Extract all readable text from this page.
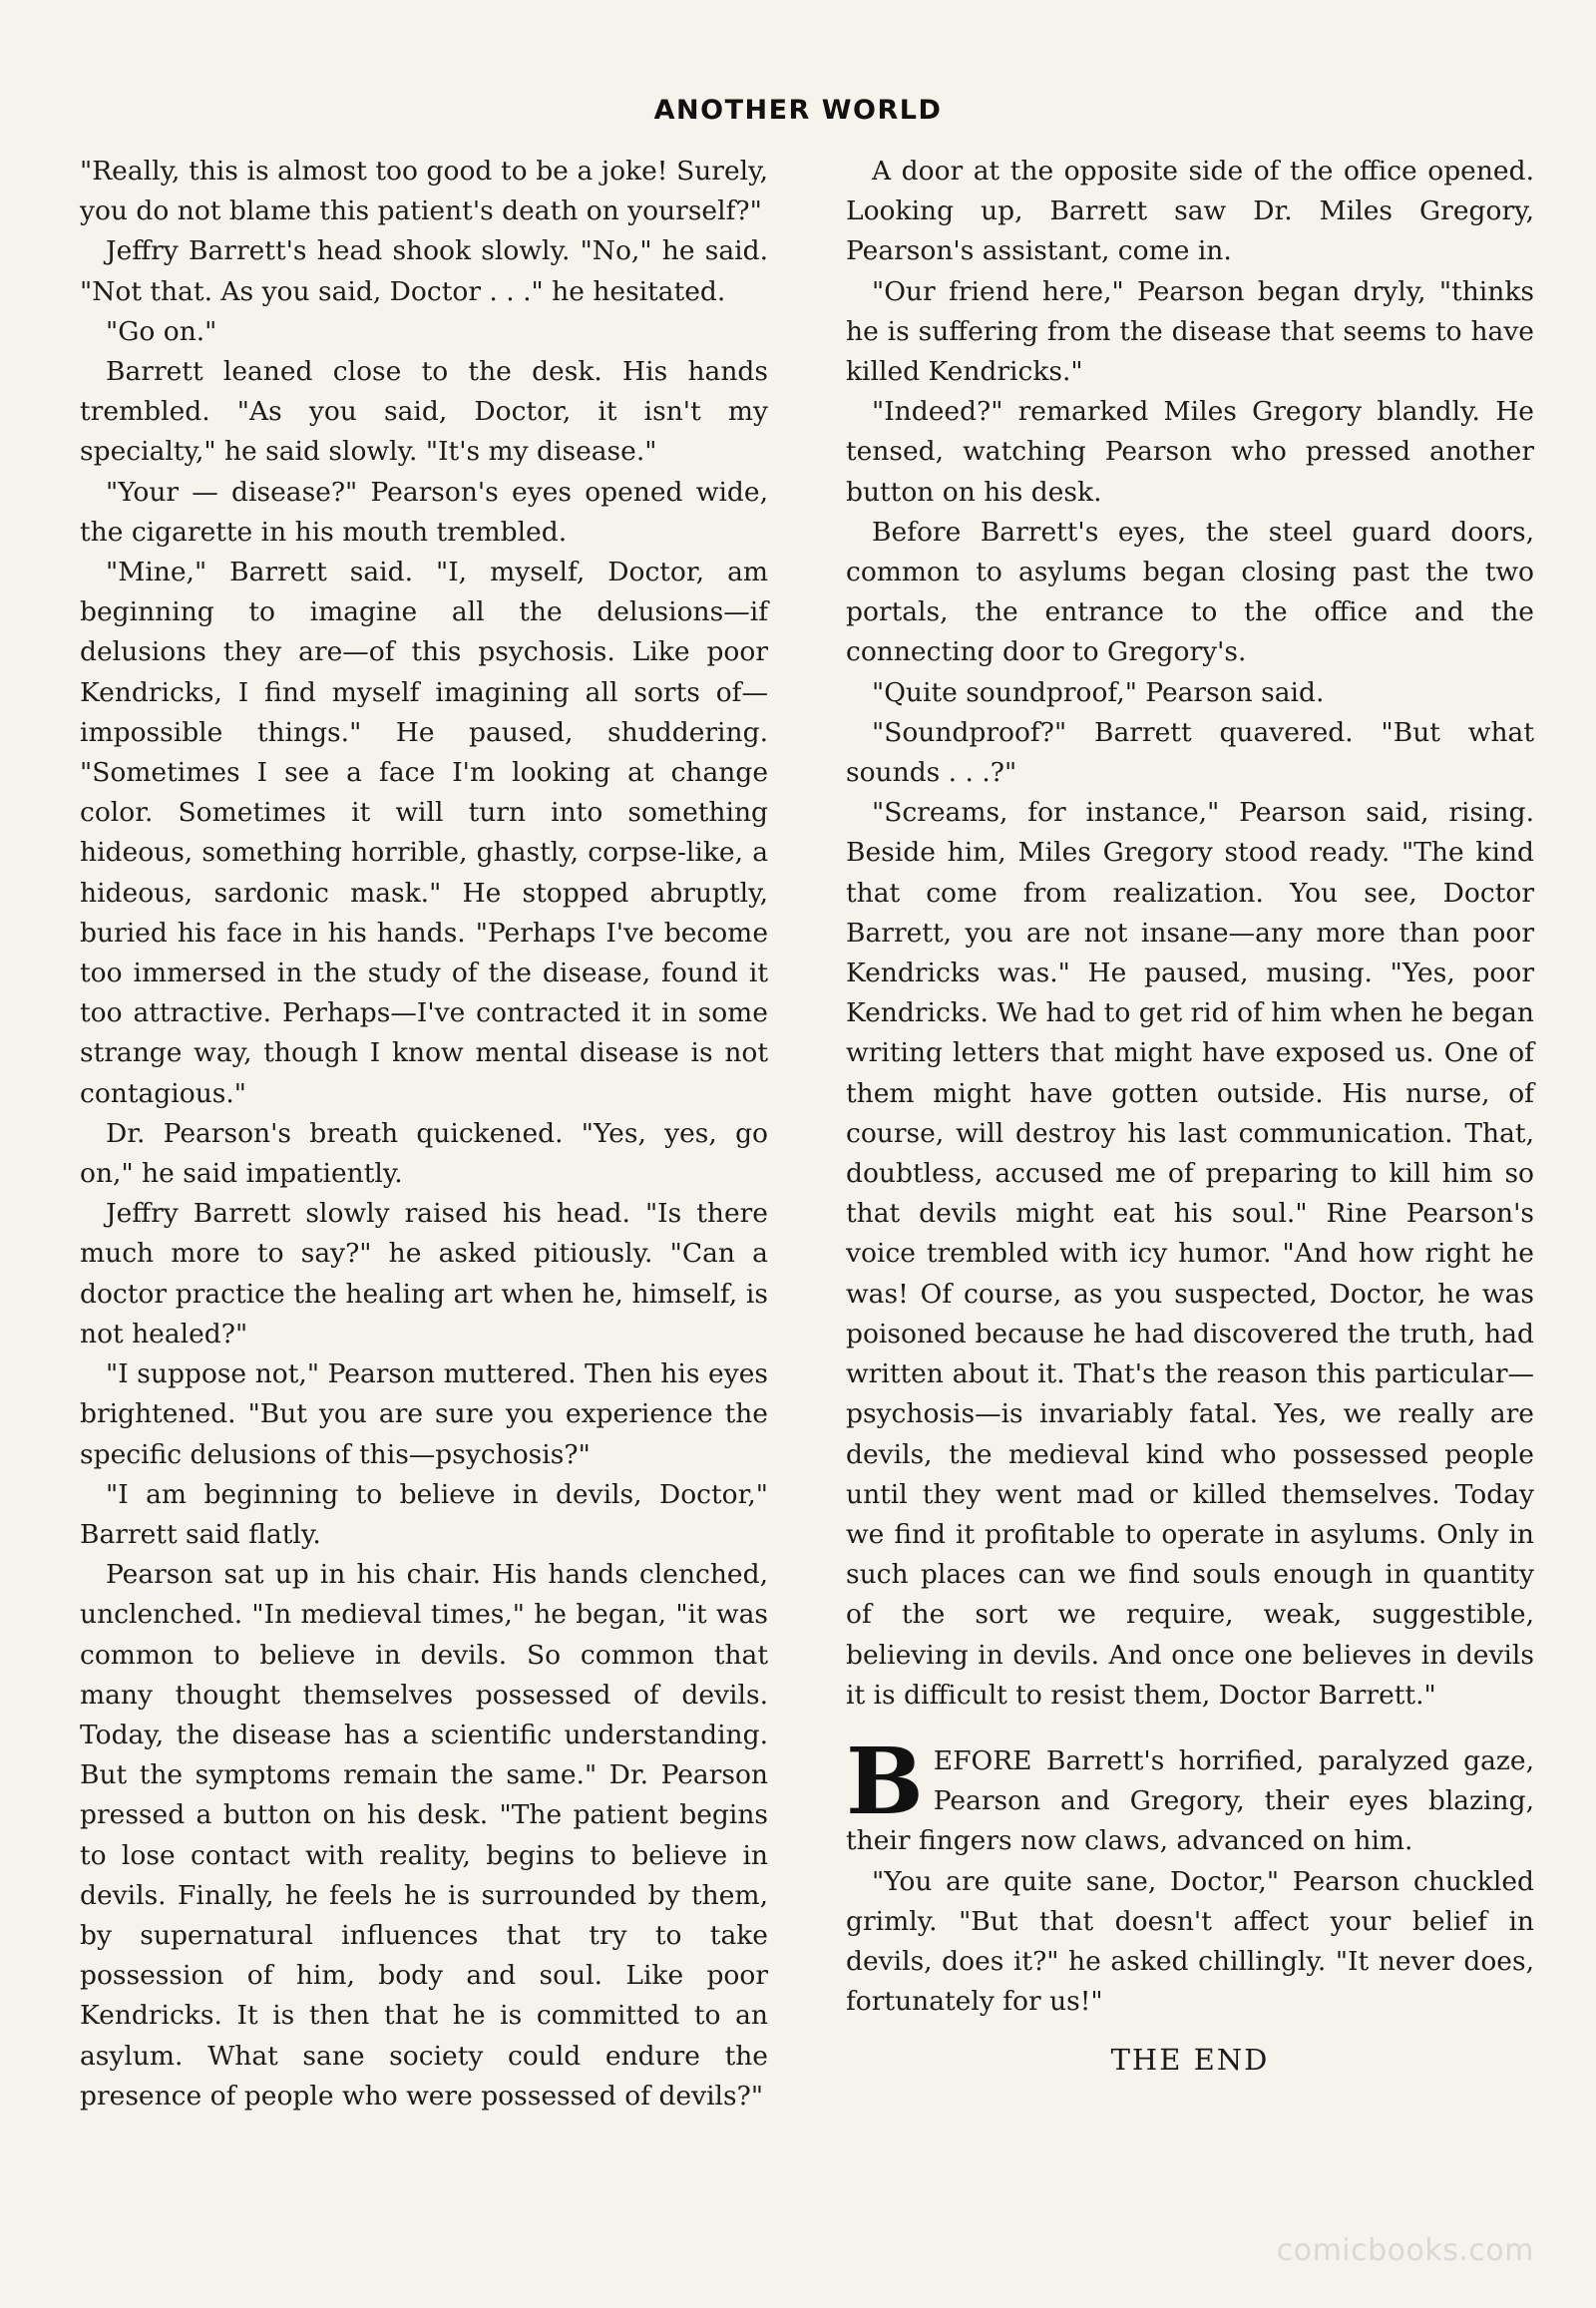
ANOTHER WORLD

"Really, this is almost too good to be a joke! Surely, you do not blame this patient's death on yourself?"

Jeffry Barrett's head shook slowly. "No," he said. "Not that. As you said, Doctor . . ." he hesitated.

"Go on."

Barrett leaned close to the desk. His hands trembled. "As you said, Doctor, it isn't my specialty," he said slowly. "It's my disease."

"Your — disease?" Pearson's eyes opened wide, the cigarette in his mouth trembled.

"Mine," Barrett said. "I, myself, Doctor, am beginning to imagine all the delusions—if delusions they are—of this psychosis. Like poor Kendricks, I find myself imagining all sorts of—impossible things." He paused, shuddering. "Sometimes I see a face I'm looking at change color. Sometimes it will turn into something hideous, something horrible, ghastly, corpse-like, a hideous, sardonic mask." He stopped abruptly, buried his face in his hands. "Perhaps I've become too immersed in the study of the disease, found it too attractive. Perhaps—I've contracted it in some strange way, though I know mental disease is not contagious."

Dr. Pearson's breath quickened. "Yes, yes, go on," he said impatiently.

Jeffry Barrett slowly raised his head. "Is there much more to say?" he asked pitiously. "Can a doctor practice the healing art when he, himself, is not healed?"

"I suppose not," Pearson muttered. Then his eyes brightened. "But you are sure you experience the specific delusions of this—psychosis?"

"I am beginning to believe in devils, Doctor," Barrett said flatly.

Pearson sat up in his chair. His hands clenched, unclenched. "In medieval times," he began, "it was common to believe in devils. So common that many thought themselves possessed of devils. Today, the disease has a scientific understanding. But the symptoms remain the same." Dr. Pearson pressed a button on his desk. "The patient begins to lose contact with reality, begins to believe in devils. Finally, he feels he is surrounded by them, by supernatural influences that try to take possession of him, body and soul. Like poor Kendricks. It is then that he is committed to an asylum. What sane society could endure the presence of people who were possessed of devils?"

A door at the opposite side of the office opened. Looking up, Barrett saw Dr. Miles Gregory, Pearson's assistant, come in.

"Our friend here," Pearson began dryly, "thinks he is suffering from the disease that seems to have killed Kendricks."

"Indeed?" remarked Miles Gregory blandly. He tensed, watching Pearson who pressed another button on his desk.

Before Barrett's eyes, the steel guard doors, common to asylums began closing past the two portals, the entrance to the office and the connecting door to Gregory's.

"Quite soundproof," Pearson said.

"Soundproof?" Barrett quavered. "But what sounds . . .?"

"Screams, for instance," Pearson said, rising. Beside him, Miles Gregory stood ready. "The kind that come from realization. You see, Doctor Barrett, you are not insane—any more than poor Kendricks was." He paused, musing. "Yes, poor Kendricks. We had to get rid of him when he began writing letters that might have exposed us. One of them might have gotten outside. His nurse, of course, will destroy his last communication. That, doubtless, accused me of preparing to kill him so that devils might eat his soul." Rine Pearson's voice trembled with icy humor. "And how right he was! Of course, as you suspected, Doctor, he was poisoned because he had discovered the truth, had written about it. That's the reason this particular—psychosis—is invariably fatal. Yes, we really are devils, the medieval kind who possessed people until they went mad or killed themselves. Today we find it profitable to operate in asylums. Only in such places can we find souls enough in quantity of the sort we require, weak, suggestible, believing in devils. And once one believes in devils it is difficult to resist them, Doctor Barrett."

BEFORE Barrett's horrified, paralyzed gaze, Pearson and Gregory, their eyes blazing, their fingers now claws, advanced on him.

"You are quite sane, Doctor," Pearson chuckled grimly. "But that doesn't affect your belief in devils, does it?" he asked chillingly. "It never does, fortunately for us!"

THE END
comicbooks.com
